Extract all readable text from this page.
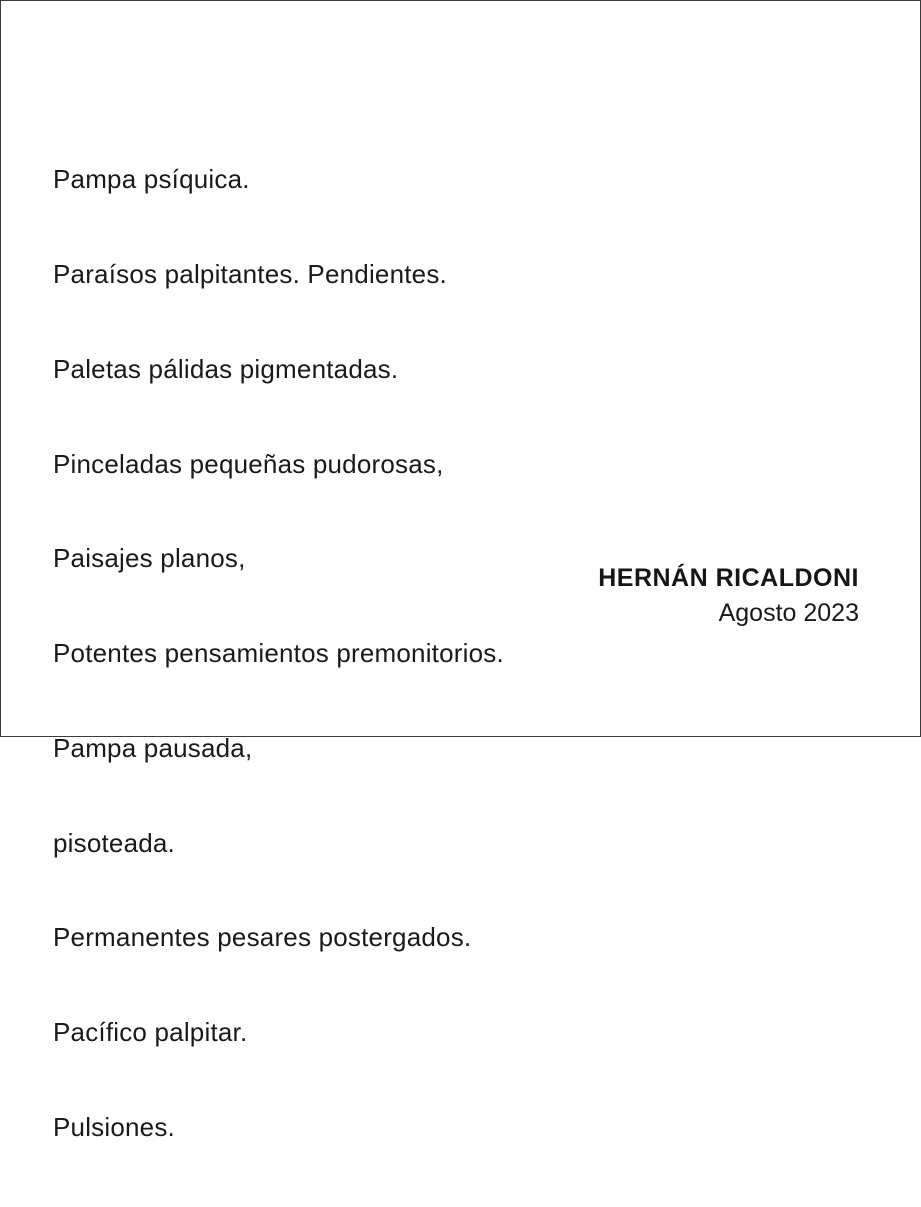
Pampa psíquica.

Paraísos palpitantes. Pendientes.

Paletas pálidas pigmentadas.

Pinceladas pequeñas pudorosas,

Paisajes planos,

Potentes pensamientos premonitorios.

Pampa pausada,

pisoteada.

Permanentes pesares postergados.

Pacífico palpitar.

Pulsiones.

HERNÁN RICALDONI
Agosto 2023
